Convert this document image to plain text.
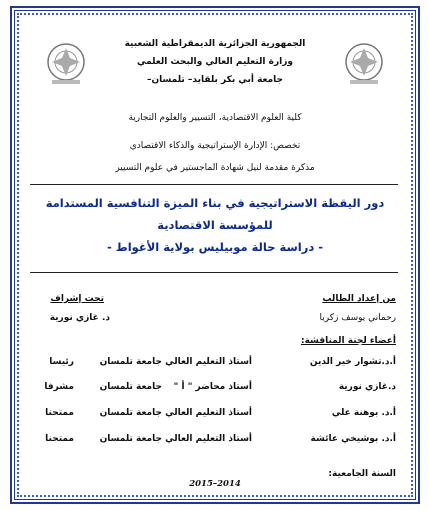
الجمهورية الجزائرية الديمقراطية الشعبية
وزارة التعليم العالي والبحث العلمي
جامعة أبي بكر بلقايد– تلمسان–
كلية العلوم الاقتصادية، التسيير والعلوم التجارية
تخصص: الإدارة الإستراتيجية والذكاء الاقتصادي
مذكرة مقدمة لنيل شهادة الماجستير في علوم التسيير
دور اليقظة الاستراتيجية في بناء الميزة التنافسية المستدامة
للمؤسسة الاقتصادية
- دراسة حالة موبيليس بولاية الأغواط -
من إعداد الطالب
رحماني يوسف زكريا
تحت إشراف
د. غازي نورية
أعضاء لجنة المناقشة:
أ.د.تشوار خير الدين
أستاذ التعليم العالي
جامعة تلمسان
رئيسا
د.غازي نورية
أستاذ محاضر " أ "
جامعة تلمسان
مشرفا
أ.د. بوهنة علي
أستاذ التعليم العالي
جامعة تلمسان
ممتحنا
أ.د. بوشيخي عائشة
أستاذ التعليم العالي
جامعة تلمسان
ممتحنا
السنة الجامعية:
2015–2014
